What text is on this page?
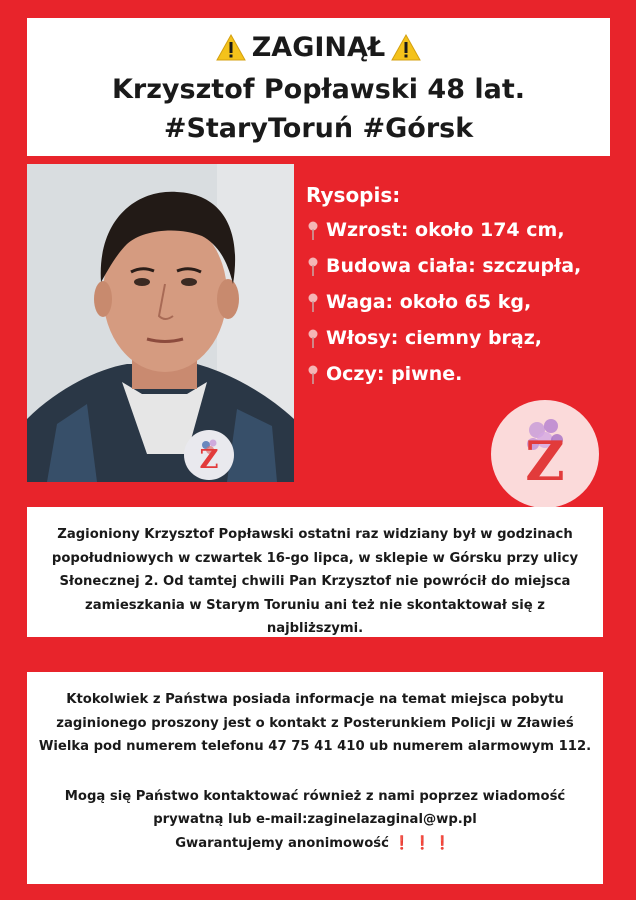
ZAGINĄŁ
Krzysztof Popławski 48 lat.
#StaryToruń #Górsk
Rysopis:
Wzrost: około 174 cm,
Budowa ciała: szczupła,
Waga: około 65 kg,
Włosy: ciemny brąz,
Oczy: piwne.
Z
Z

Zagioniony Krzysztof Popławski ostatni raz widziany był w godzinach popołudniowych w czwartek 16-go lipca, w sklepie w Górsku przy ulicy Słonecznej 2. Od tamtej chwili Pan Krzysztof nie powrócił do miejsca zamieszkania w Starym Toruniu ani też nie skontaktował się z najbliższymi.

Ktokolwiek z Państwa posiada informacje na temat miejsca pobytu zaginionego proszony jest o kontakt z Posterunkiem Policji w Zławieś Wielka pod numerem telefonu 47 75 41 410 ub numerem alarmowym 112.

Mogą się Państwo kontaktować również z nami poprzez wiadomość prywatną lub e-mail:zaginelazaginal@wp.pl

Gwarantujemy anonimowość ❗❗❗
